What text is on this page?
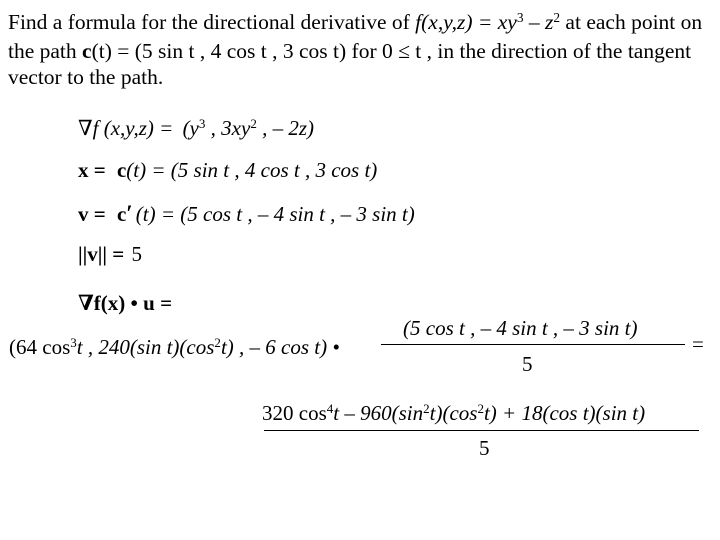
Find a formula for the directional derivative of $f(x,y,z) = xy^3 - z^2$ at each point on the path c(t) = (5 sin t , 4 cos t , 3 cos t) for 0 ≤ t , in the direction of the tangent vector to the path.
∇f $(x,y,z) = (y^3$ , $3xy^2$ , – 2z)
x = c(t) = (5 sin t , 4 cos t , 3 cos t)
v = c′ (t) = (5 cos t , – 4 sin t , – 3 sin t)
||v|| = 5
∇f(x) • u =
(64 $\cos^3t$ , 240(sin $t)(\cos^2t)$ , – 6 cos t) •
(5 cos t , – 4 sin t , – 3 sin t)
5
=
320 $\cos^4t - 960(\sin^2t)(\cos^2t) + 18(\cos$ t)(sin t)
5
